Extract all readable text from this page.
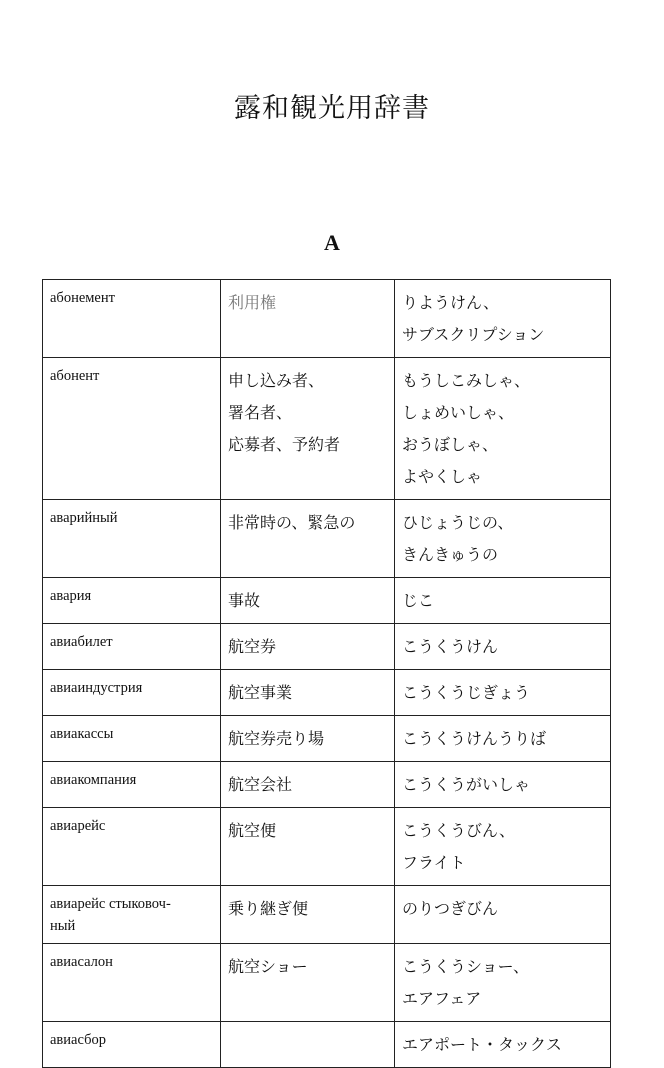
露和観光用辞書
A
абонемент	利用権	りようけん、
サブスクリプション

абонент	申し込み者、
署名者、
応募者、予約者	もうしこみしゃ、
しょめいしゃ、
おうぼしゃ、
よやくしゃ

аварийный	非常時の、緊急の	ひじょうじの、
きんきゅうの

авария	事故	じこ

авиабилет	航空券	こうくうけん

авиаиндустрия	航空事業	こうくうじぎょう

авиакассы	航空券売り場	こうくうけんうりば

авиакомпания	航空会社	こうくうがいしゃ

авиарейс	航空便	こうくうびん、
フライト

авиарейс стыковоч-
ный	乗り継ぎ便	のりつぎびん

авиасалон	航空ショー	こうくうショー、
エアフェア

авиасбор		エアポート・タックス
